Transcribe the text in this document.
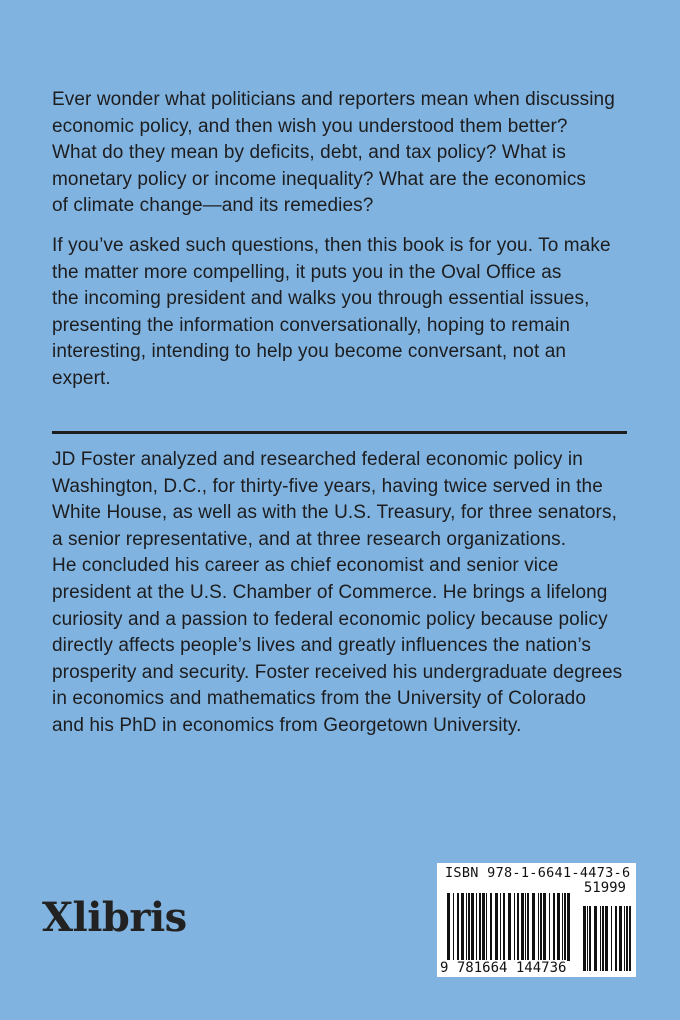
Ever wonder what politicians and reporters mean when discussing
economic policy, and then wish you understood them better?
What do they mean by deficits, debt, and tax policy? What is
monetary policy or income inequality? What are the economics
of climate change—and its remedies?
If you’ve asked such questions, then this book is for you. To make
the matter more compelling, it puts you in the Oval Office as
the incoming president and walks you through essential issues,
presenting the information conversationally, hoping to remain
interesting, intending to help you become conversant, not an
expert.
JD Foster analyzed and researched federal economic policy in
Washington, D.C., for thirty-five years, having twice served in the
White House, as well as with the U.S. Treasury, for three senators,
a senior representative, and at three research organizations.
He concluded his career as chief economist and senior vice
president at the U.S. Chamber of Commerce. He brings a lifelong
curiosity and a passion to federal economic policy because policy
directly affects people’s lives and greatly influences the nation’s
prosperity and security. Foster received his undergraduate degrees
in economics and mathematics from the University of Colorado
and his PhD in economics from Georgetown University.
Xlibris
ISBN 978-1-6641-4473-6
51999
9 781664 144736
